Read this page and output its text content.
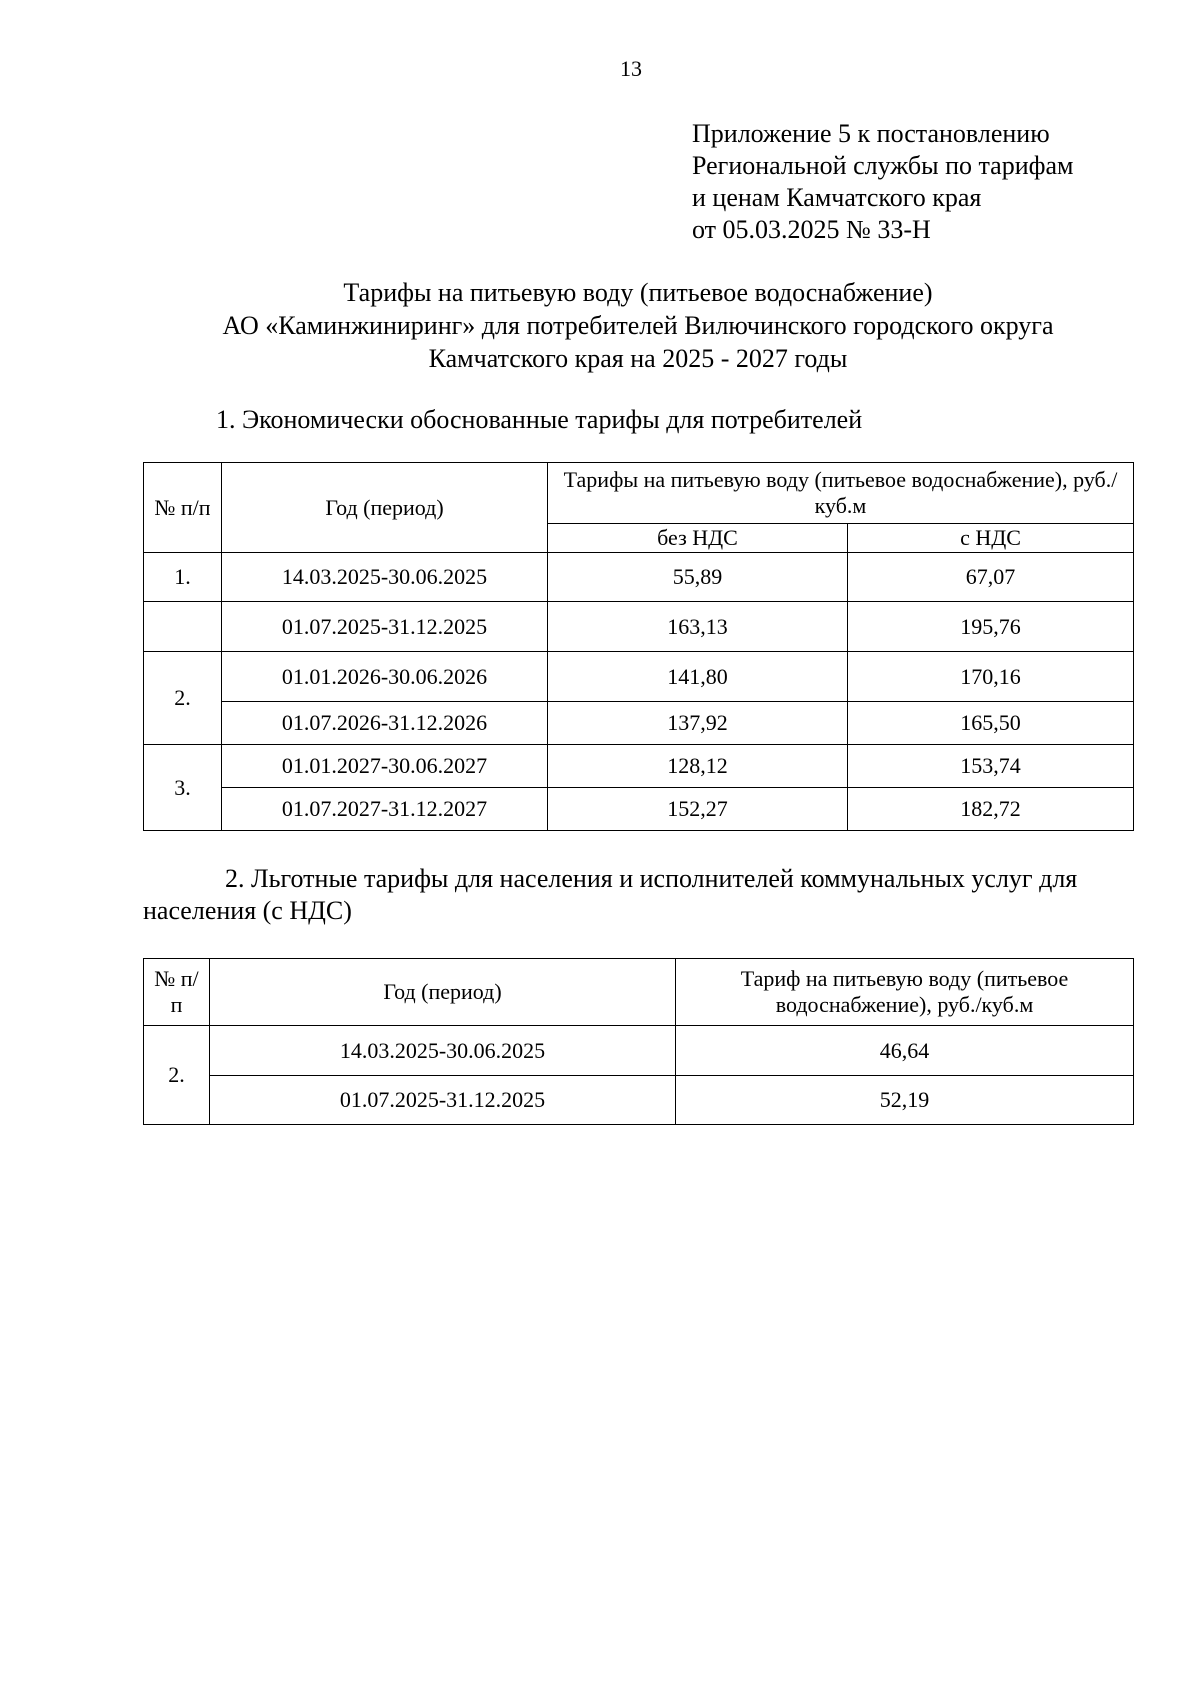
13
Приложение 5 к постановлению
Региональной службы по тарифам
и ценам Камчатского края
от 05.03.2025 № 33-Н
Тарифы на питьевую воду (питьевое водоснабжение)
АО «Каминжиниринг» для потребителей Вилючинского городского округа
Камчатского края на 2025 - 2027 годы
1. Экономически обоснованные тарифы для потребителей
№ п/п	Год (период)	Тарифы на питьевую воду (питьевое водоснабжение), руб./куб.м	
		без НДС	с НДС
1.	14.03.2025-30.06.2025	55,89	67,07
	01.07.2025-31.12.2025	163,13	195,76
2.	01.01.2026-30.06.2026	141,80	170,16
	01.07.2026-31.12.2026	137,92	165,50
3.	01.01.2027-30.06.2027	128,12	153,74
	01.07.2027-31.12.2027	152,27	182,72
2. Льготные тарифы для населения и исполнителей коммунальных услуг для населения (с НДС)
№ п/п	Год (период)	Тариф на питьевую воду (питьевое водоснабжение), руб./куб.м
2.	14.03.2025-30.06.2025	46,64
	01.07.2025-31.12.2025	52,19
